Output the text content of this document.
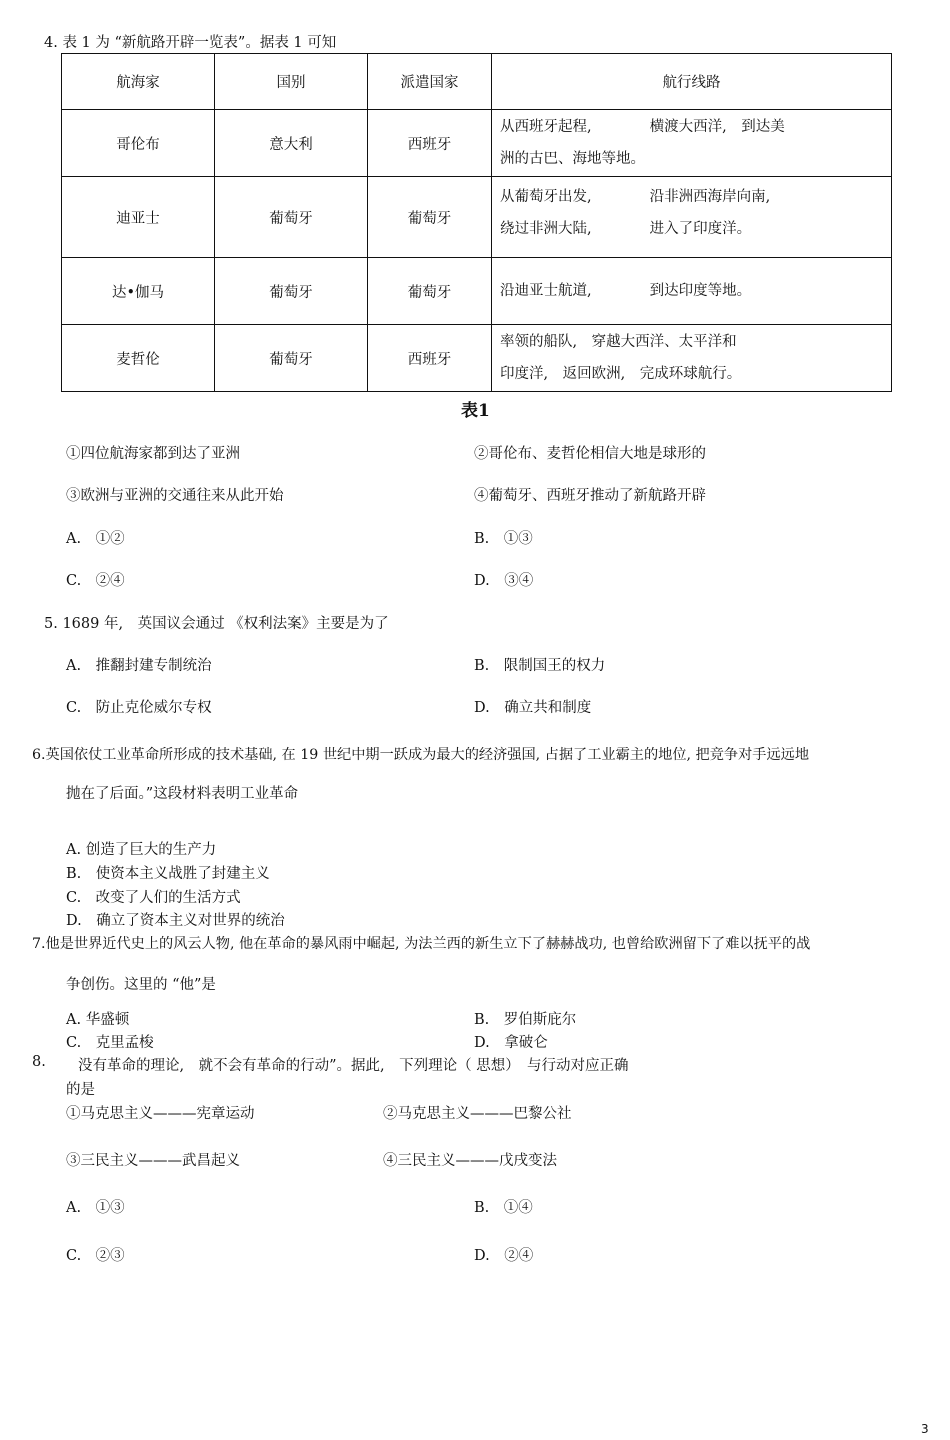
4. 表 1 为 “新航路开辟一览表”。据表 1 可知
航海家	国别	派遣国家	航行线路
哥伦布	意大利	西班牙	从西班牙起程,　　　　横渡大西洋,　到达美
洲的古巴、海地等地。

迪亚士	葡萄牙	葡萄牙	从葡萄牙出发,　　　　沿非洲西海岸向南,
绕过非洲大陆,　　　　进入了印度洋。

达•伽马	葡萄牙	葡萄牙	沿迪亚士航道,　　　　到达印度等地。

麦哲伦	葡萄牙	西班牙	率领的船队,　穿越大西洋、太平洋和
印度洋,　返回欧洲,　完成环球航行。
表1
①四位航海家都到达了亚洲	②哥伦布、麦哲伦相信大地是球形的
③欧洲与亚洲的交通往来从此开始	④葡萄牙、西班牙推动了新航路开辟
A.　①②	B.　①③
C.　②④	D.　③④
5. 1689 年,　英国议会通过 《权利法案》主要是为了
A.　推翻封建专制统治	B.　限制国王的权力
C.　防止克伦威尔专权	D.　确立共和制度
6.英国依仗工业革命所形成的技术基础, 在 19 世纪中期一跃成为最大的经济强国, 占据了工业霸主的地位, 把竞争对手远远地
抛在了后面。”这段材料表明工业革命
A. 创造了巨大的生产力
B.　使资本主义战胜了封建主义
C.　改变了人们的生活方式
D.　确立了资本主义对世界的统治
7.他是世界近代史上的风云人物, 他在革命的暴风雨中崛起, 为法兰西的新生立下了赫赫战功, 也曾给欧洲留下了难以抚平的战
争创伤。这里的 “他”是
A. 华盛顿	B.　罗伯斯庇尔
C.　克里孟梭	D.　拿破仑
8. 没有革命的理论,　就不会有革命的行动”。据此,　下列理论（ 思想）　与行动对应正确
的是
①马克思主义———宪章运动	②马克思主义———巴黎公社
③三民主义———武昌起义	④三民主义———戊戌变法
A.　①③	B.　①④
C.　②③	D.　②④
3
